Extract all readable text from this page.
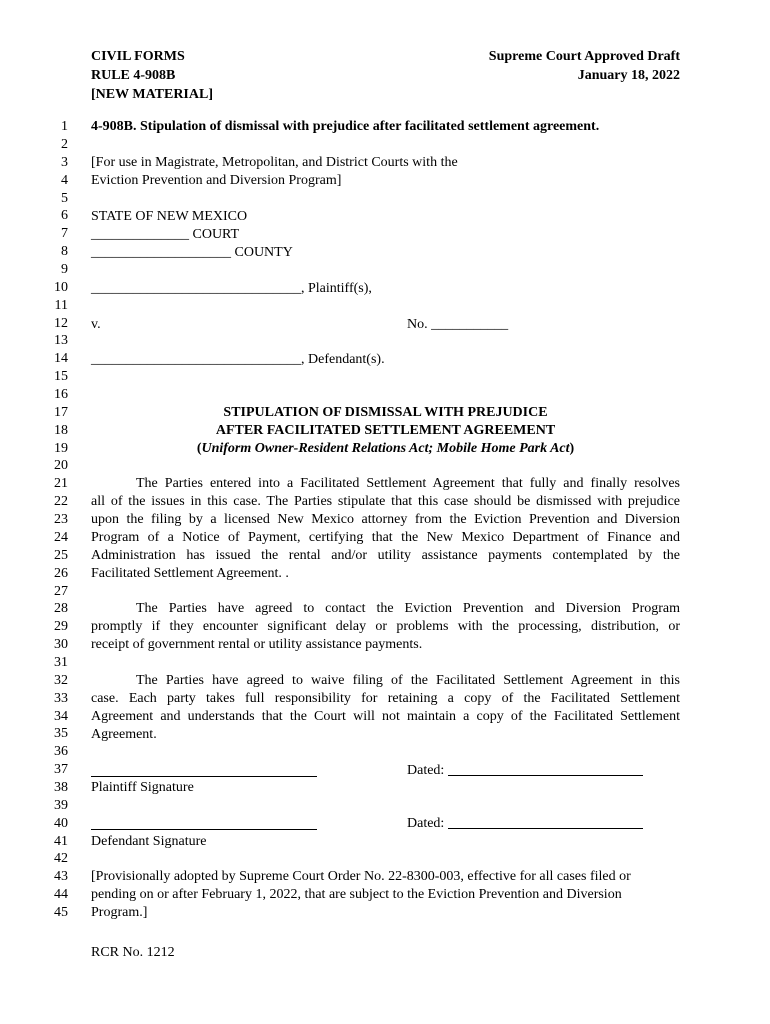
CIVIL FORMS
RULE 4-908B
[NEW MATERIAL]
Supreme Court Approved Draft
January 18, 2022
1
2
3
4
5
6
7
8
9
10
11
12
13
14
15
16
17
18
19
20
21
22
23
24
25
26
27
28
29
30
31
32
33
34
35
36
37
38
39
40
41
42
43
44
45
4-908B. Stipulation of dismissal with prejudice after facilitated settlement agreement.
[For use in Magistrate, Metropolitan, and District Courts with the
Eviction Prevention and Diversion Program]
STATE OF NEW MEXICO
______________ COURT
____________________ COUNTY
______________________________, Plaintiff(s),
v.	No. ___________
______________________________, Defendant(s).
STIPULATION OF DISMISSAL WITH PREJUDICE
AFTER FACILITATED SETTLEMENT AGREEMENT
(Uniform Owner-Resident Relations Act; Mobile Home Park Act)
The Parties entered into a Facilitated Settlement Agreement that fully and finally resolves
all of the issues in this case. The Parties stipulate that this case should be dismissed with prejudice
upon the filing by a licensed New Mexico attorney from the Eviction Prevention and Diversion
Program of a Notice of Payment, certifying that the New Mexico Department of Finance and
Administration has issued the rental and/or utility assistance payments contemplated by the
Facilitated Settlement Agreement. .
The Parties have agreed to contact the Eviction Prevention and Diversion Program
promptly if they encounter significant delay or problems with the processing, distribution, or
receipt of government rental or utility assistance payments.
The Parties have agreed to waive filing of the Facilitated Settlement Agreement in this
case. Each party takes full responsibility for retaining a copy of the Facilitated Settlement
Agreement and understands that the Court will not maintain a copy of the Facilitated Settlement
Agreement.
Dated:
Plaintiff Signature
Dated:
Defendant Signature
[Provisionally adopted by Supreme Court Order No. 22-8300-003, effective for all cases filed or
pending on or after February 1, 2022, that are subject to the Eviction Prevention and Diversion
Program.]
RCR No. 1212
